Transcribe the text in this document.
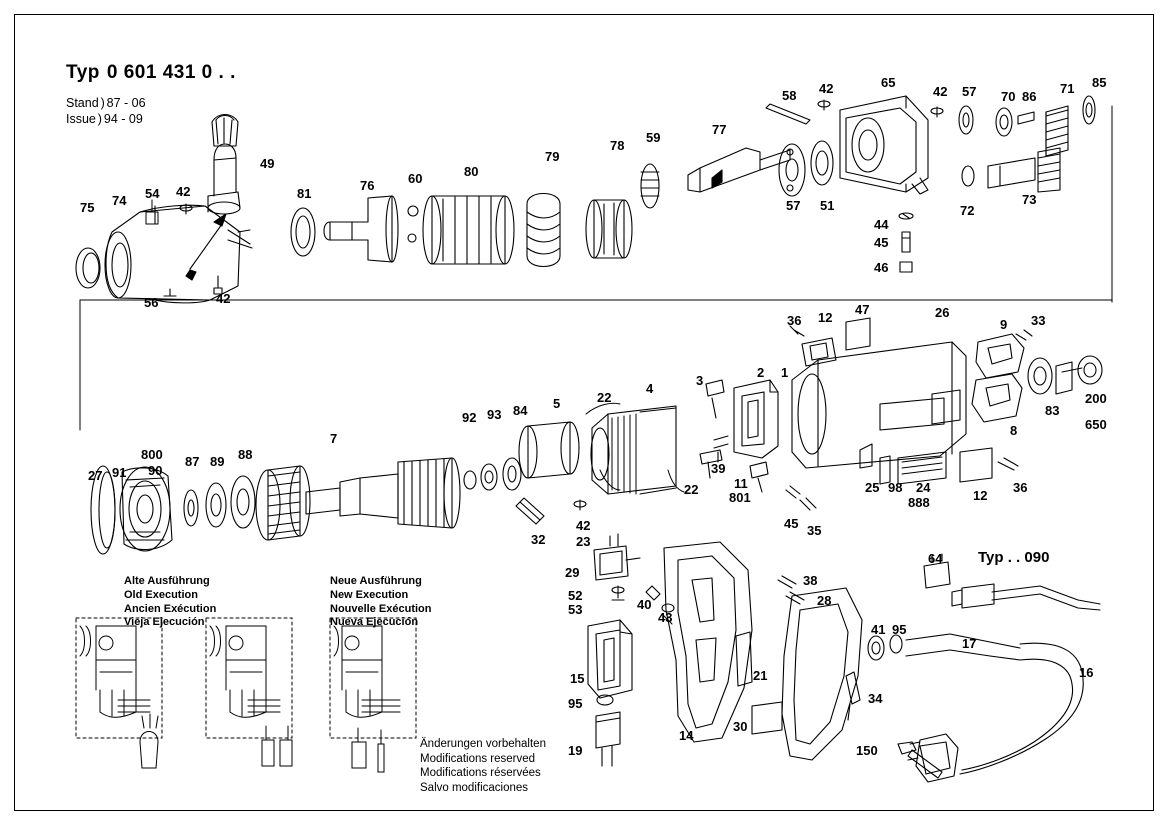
Typ 0 601 431 0 . .
Stand ) 87 - 06
Issue ) 94 - 09
Alte Ausführung
Old Execution
Ancien Exécution
Vieja Ejecución
Neue Ausführung
New Execution
Nouvelle Exécution
Nueva Ejecución
Änderungen vorbehalten
Modifications reserved
Modifications réservées
Salvo modificaciones
Typ . . 090
75 74 54 42
49
81
76	60	80
79
78
59
77
58 42	65
42 57 70 86
71 85
57 51	72
73
44
45
46
56	42
36 12
47	26
9 33
2 1
3
4
22
84
93
92
5	83
200
650
8
7
800
90
87 89 88
27 91	39
11
801
22	25 98 24
888	12
36
45 35
32
42
23
29
52
53	40
43
38
28
64
41 95
17
16
21
15
95
19
14
30
34
150
